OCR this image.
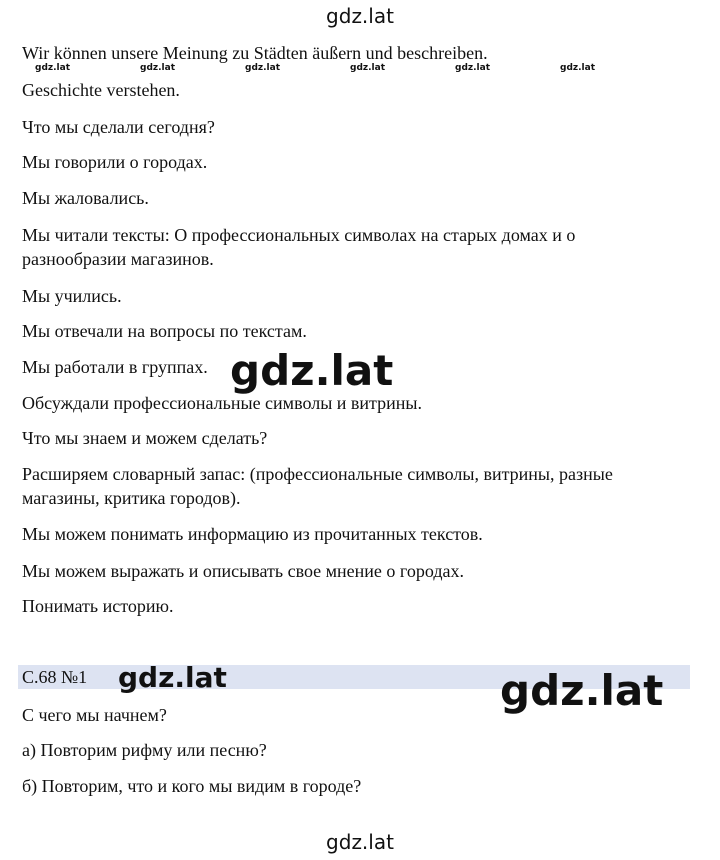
gdz.lat
Wir können unsere Meinung zu Städten äußern und beschreiben.
gdz.lat	gdz.lat	gdz.lat	gdz.lat	gdz.lat	gdz.lat
Geschichte verstehen.
Что мы сделали сегодня?
Мы говорили о городах.
Мы жаловались.
Мы читали тексты: О профессиональных символах на старых домах и о
разнообразии магазинов.
Мы учились.
Мы отвечали на вопросы по текстам.
Мы работали в группах. gdz.lat
Обсуждали профессиональные символы и витрины.
Что мы знаем и можем сделать?
Расширяем словарный запас: (профессиональные символы, витрины, разные
магазины, критика городов).
Мы можем понимать информацию из прочитанных текстов.
Мы можем выражать и описывать свое мнение о городах.
Понимать историю.
С.68 №1 gdz.lat	gdz.lat
С чего мы начнем?
а) Повторим рифму или песню?
б) Повторим, что и кого мы видим в городе?
gdz.lat
